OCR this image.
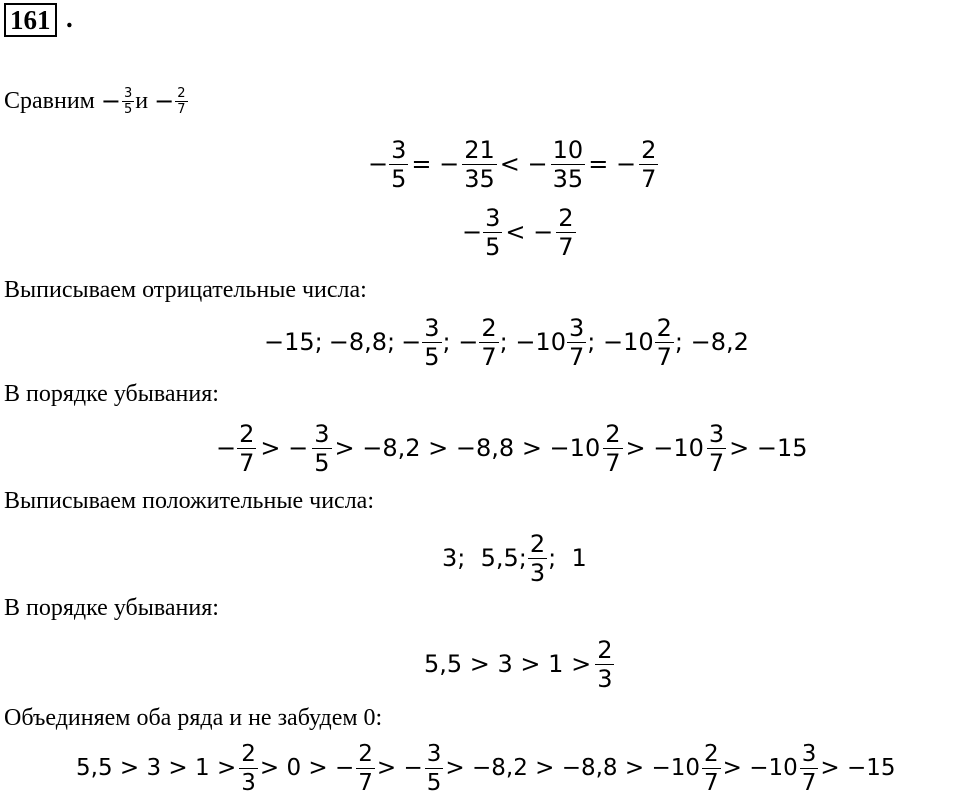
161 .
Сравним − $\frac{3}{5}$ $и - \frac{2}{7}$
− $\frac{3}{5}$ = − $\frac{21}{35}$ < − $\frac{10}{35}$ = − $\frac{2}{7}$
− $\frac{3}{5}$ < − $\frac{2}{7}$
Выписываем отрицательные числа:
−15; −8,8; − $\frac{3}{5}$ ; − $\frac{2}{7}$ ; $-10 \frac{3}{7}$ ; $-10 \frac{2}{7}$ ; −8,2
В порядке убывания:
− $\frac{2}{7}$ > − $\frac{3}{5} > -8,2 > -8,8 > -10 \frac{2}{7} > -10 \frac{3}{7} > -15$
Выписываем положительные числа:
3;  5,5; $\frac{2}{3}$ ;  1
В порядке убывания:
$5,5 > 3 > 1 > \frac{2}{3}$
Объединяем оба ряда и не забудем 0:
$5,5 > 3 > 1 > \frac{2}{3} > 0$ > − $\frac{2}{7}$ > − $\frac{3}{5} > -8,2 > -8,8 > -10 \frac{2}{7} > -10 \frac{3}{7} > -15$
